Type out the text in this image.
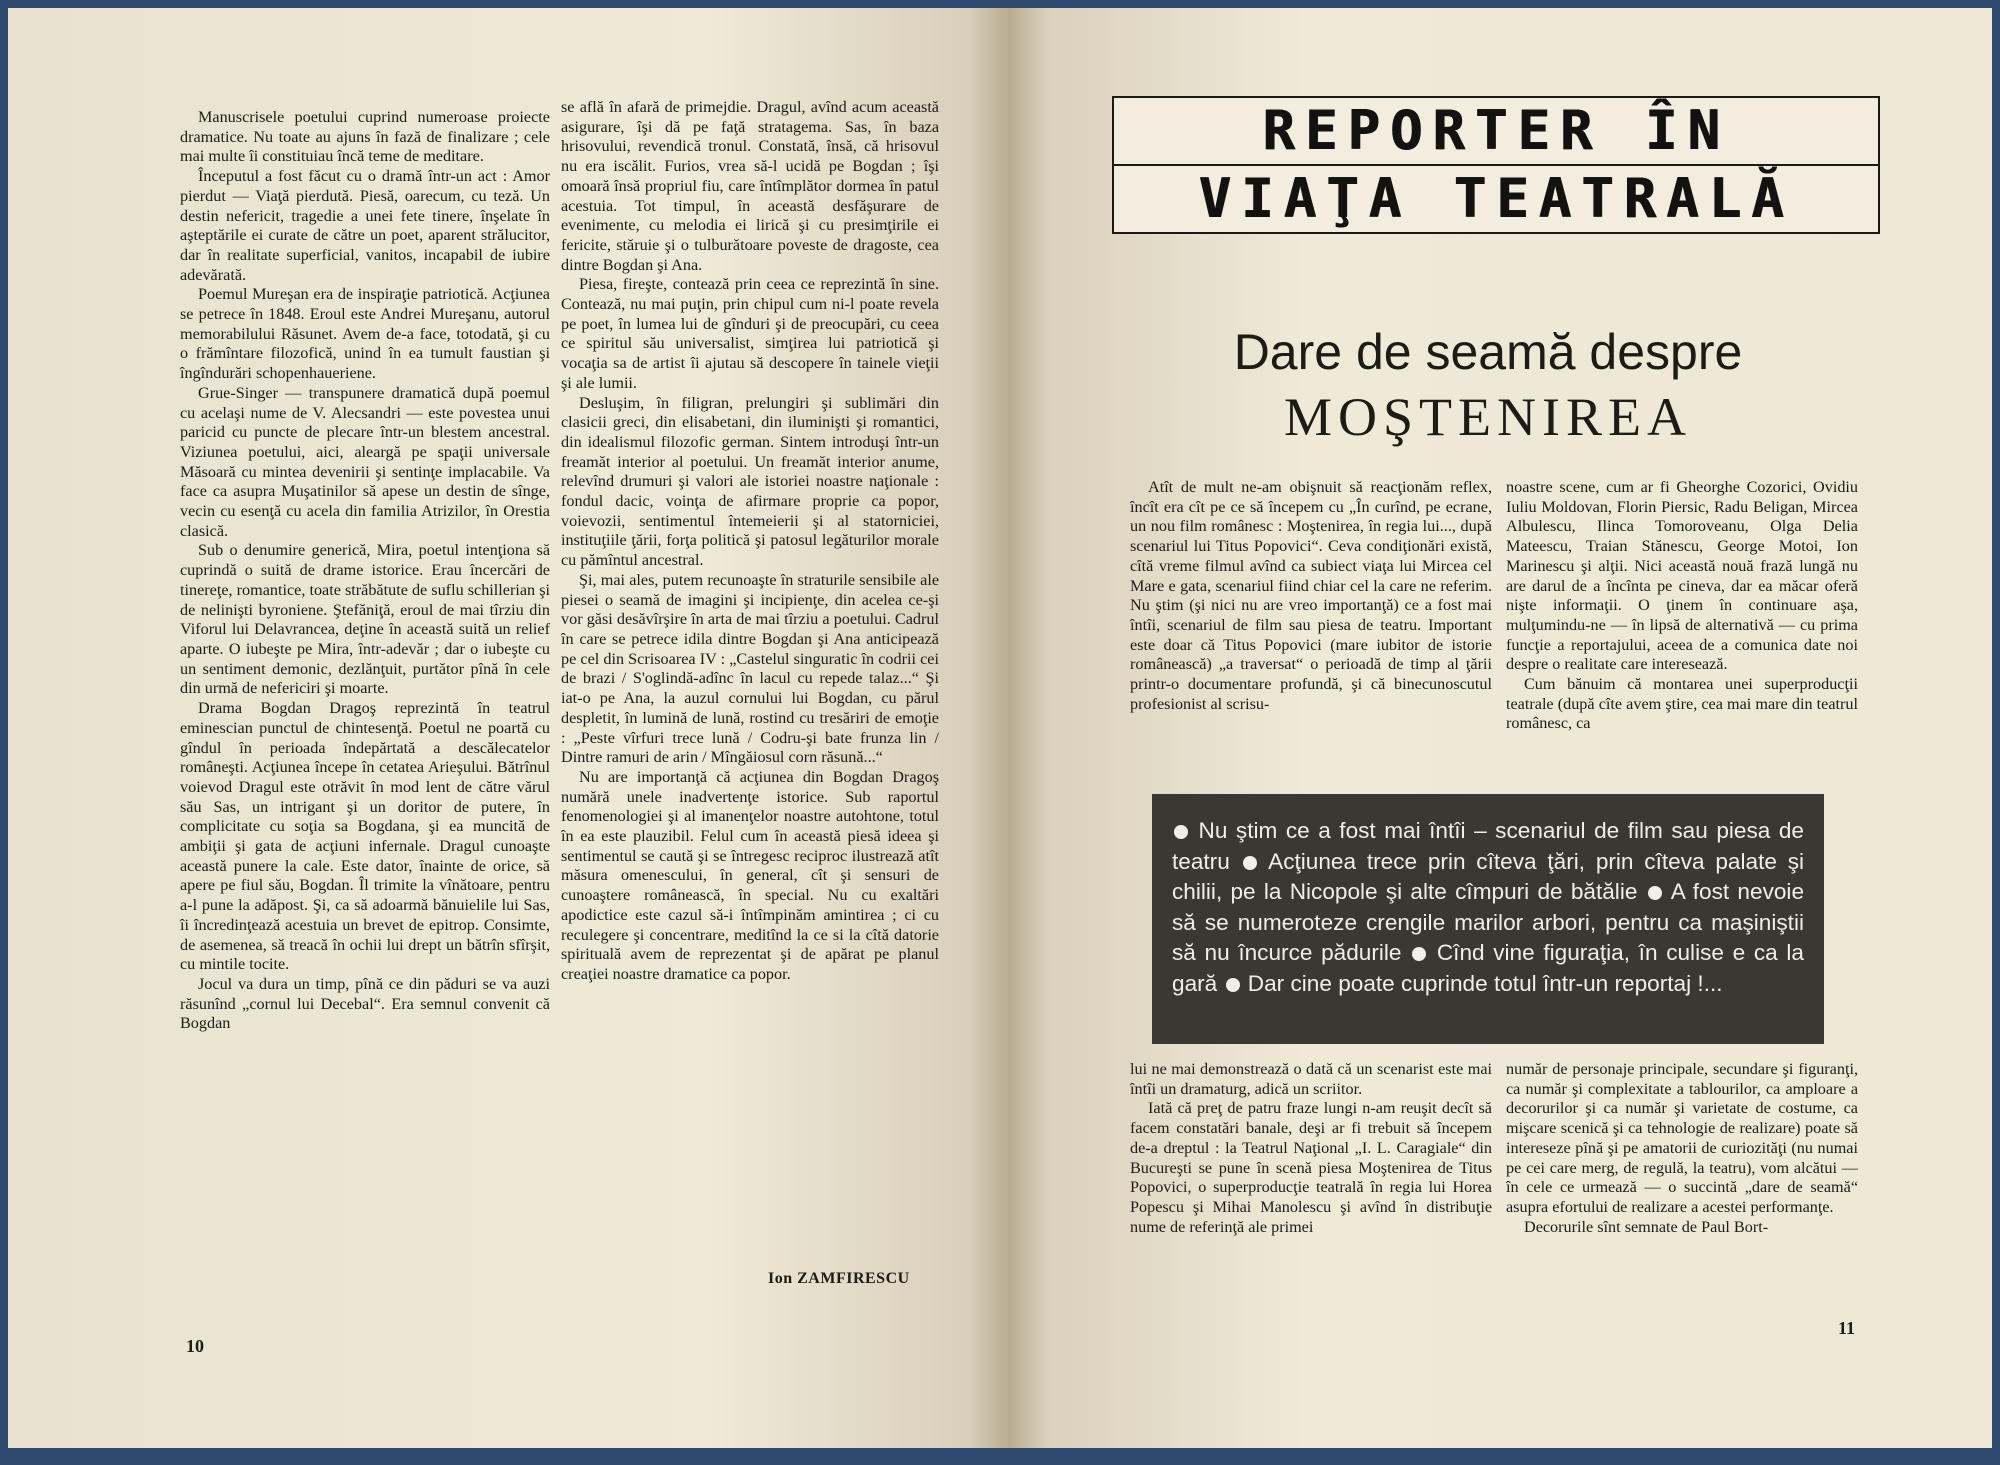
Manuscrisele poetului cuprind numeroase proiecte dramatice. Nu toate au ajuns în fază de finalizare ; cele mai multe îi constituiau încă teme de meditare.

Începutul a fost făcut cu o dramă într-un act : Amor pierdut — Viaţă pierdută. Piesă, oarecum, cu teză. Un destin nefericit, tragedie a unei fete tinere, înşelate în aşteptările ei curate de către un poet, aparent strălucitor, dar în realitate superficial, vanitos, incapabil de iubire adevărată.

Poemul Mureşan era de inspiraţie patriotică. Acţiunea se petrece în 1848. Eroul este Andrei Mureşanu, autorul memorabilului Răsunet. Avem de-a face, totodată, şi cu o frămîntare filozofică, unind în ea tumult faustian şi îngîndurări schopenhaueriene.

Grue-Singer — transpunere dramatică după poemul cu acelaşi nume de V. Alecsandri — este povestea unui paricid cu puncte de plecare într-un blestem ancestral. Viziunea poetului, aici, aleargă pe spaţii universale Măsoară cu mintea devenirii şi sentinţe implacabile. Va face ca asupra Muşatinilor să apese un destin de sînge, vecin cu esenţă cu acela din familia Atrizilor, în Orestia clasică.

Sub o denumire generică, Mira, poetul intenţiona să cuprindă o suită de drame istorice. Erau încercări de tinereţe, romantice, toate străbătute de suflu schillerian şi de nelinişti byroniene. Ştefăniţă, eroul de mai tîrziu din Viforul lui Delavrancea, deţine în această suită un relief aparte. O iubeşte pe Mira, într-adevăr ; dar o iubeşte cu un sentiment demonic, dezlănţuit, purtător pînă în cele din urmă de nefericiri şi moarte.

Drama Bogdan Dragoş reprezintă în teatrul eminescian punctul de chintesenţă. Poetul ne poartă cu gîndul în perioada îndepărtată a descălecatelor româneşti. Acţiunea începe în cetatea Arieşului. Bătrînul voievod Dragul este otrăvit în mod lent de către vărul său Sas, un intrigant şi un doritor de putere, în complicitate cu soţia sa Bogdana, şi ea muncită de ambiţii şi gata de acţiuni infernale. Dragul cunoaşte această punere la cale. Este dator, înainte de orice, să apere pe fiul său, Bogdan. Îl trimite la vînătoare, pentru a-l pune la adăpost. Şi, ca să adoarmă bănuielile lui Sas, îi încredinţează acestuia un brevet de epitrop. Consimte, de asemenea, să treacă în ochii lui drept un bătrîn sfîrşit, cu mintile tocite.

Jocul va dura un timp, pînă ce din păduri se va auzi răsunînd „cornul lui Decebal“. Era semnul convenit că Bogdan

se află în afară de primejdie. Dragul, avînd acum această asigurare, îşi dă pe faţă stratagema. Sas, în baza hrisovului, revendică tronul. Constată, însă, că hrisovul nu era iscălit. Furios, vrea să-l ucidă pe Bogdan ; îşi omoară însă propriul fiu, care întîmplător dormea în patul acestuia. Tot timpul, în această desfăşurare de evenimente, cu melodia ei lirică şi cu presimţirile ei fericite, stăruie şi o tulburătoare poveste de dragoste, cea dintre Bogdan şi Ana.

Piesa, fireşte, contează prin ceea ce reprezintă în sine. Contează, nu mai puţin, prin chipul cum ni-l poate revela pe poet, în lumea lui de gînduri şi de preocupări, cu ceea ce spiritul său universalist, simţirea lui patriotică şi vocaţia sa de artist îi ajutau să descopere în tainele vieţii şi ale lumii.

Desluşim, în filigran, prelungiri şi sublimări din clasicii greci, din elisabetani, din iluminişti şi romantici, din idealismul filozofic german. Sintem introduşi într-un freamăt interior al poetului. Un freamăt interior anume, relevînd drumuri şi valori ale istoriei noastre naţionale : fondul dacic, voinţa de afirmare proprie ca popor, voievozii, sentimentul întemeierii şi al statorniciei, instituţiile ţării, forţa politică şi patosul legăturilor morale cu pămîntul ancestral.

Şi, mai ales, putem recunoaşte în straturile sensibile ale piesei o seamă de imagini şi incipienţe, din acelea ce-şi vor găsi desăvîrşire în arta de mai tîrziu a poetului. Cadrul în care se petrece idila dintre Bogdan şi Ana anticipează pe cel din Scrisoarea IV : „Castelul singuratic în codrii cei de brazi / S'oglindă-adînc în lacul cu repede talaz...“ Şi iat-o pe Ana, la auzul cornului lui Bogdan, cu părul despletit, în lumină de lună, rostind cu tresăriri de emoţie : „Peste vîrfuri trece lună / Codru-şi bate frunza lin / Dintre ramuri de arin / Mîngăiosul corn răsună...“

Nu are importanţă că acţiunea din Bogdan Dragoş numără unele inadvertenţe istorice. Sub raportul fenomenologiei şi al imanenţelor noastre autohtone, totul în ea este plauzibil. Felul cum în această piesă ideea şi sentimentul se caută şi se întregesc reciproc ilustrează atît măsura omenescului, în general, cît şi sensuri de cunoaştere românească, în special. Nu cu exaltări apodictice este cazul să-i întîmpinăm amintirea ; ci cu reculegere şi concentrare, meditînd la ce si la cîtă datorie spirituală avem de reprezentat şi de apărat pe planul creaţiei noastre dramatice ca popor.

Ion ZAMFIRESCU
10
REPORTER ÎN
VIAŢA TEATRALĂ
Dare de seamă despre
MOŞTENIREA

Atît de mult ne-am obişnuit să reacţionăm reflex, încît era cît pe ce să începem cu „În curînd, pe ecrane, un nou film românesc : Moştenirea, în regia lui..., după scenariul lui Titus Popovici“. Ceva condiţionări există, cîtă vreme filmul avînd ca subiect viaţa lui Mircea cel Mare e gata, scenariul fiind chiar cel la care ne referim. Nu ştim (şi nici nu are vreo importanţă) ce a fost mai întîi, scenariul de film sau piesa de teatru. Important este doar că Titus Popovici (mare iubitor de istorie românească) „a traversat“ o perioadă de timp al ţării printr-o documentare profundă, şi că binecunoscutul profesionist al scrisu-

noastre scene, cum ar fi Gheorghe Cozorici, Ovidiu Iuliu Moldovan, Florin Piersic, Radu Beligan, Mircea Albulescu, Ilinca Tomoroveanu, Olga Delia Mateescu, Traian Stănescu, George Motoi, Ion Marinescu şi alţii. Nici această nouă frază lungă nu are darul de a încînta pe cineva, dar ea măcar oferă nişte informaţii. O ţinem în continuare aşa, mulţumindu-ne — în lipsă de alternativă — cu prima funcţie a reportajului, aceea de a comunica date noi despre o realitate care interesează.

Cum bănuim că montarea unei superproducţii teatrale (după cîte avem ştire, cea mai mare din teatrul românesc, ca

Nu ştim ce a fost mai întîi – scenariul de film sau piesa de teatru Acţiunea trece prin cîteva ţări, prin cîteva palate şi chilii, pe la Nicopole şi alte cîmpuri de bătălie A fost nevoie să se numeroteze crengile marilor arbori, pentru ca maşiniştii să nu încurce pădurile Cînd vine figuraţia, în culise e ca la gară Dar cine poate cuprinde totul într-un reportaj !...

lui ne mai demonstrează o dată că un scenarist este mai întîi un dramaturg, adică un scriitor.

Iată că preţ de patru fraze lungi n-am reuşit decît să facem constatări banale, deşi ar fi trebuit să începem de-a dreptul : la Teatrul Naţional „I. L. Caragiale“ din Bucureşti se pune în scenă piesa Moştenirea de Titus Popovici, o superproducţie teatrală în regia lui Horea Popescu şi Mihai Manolescu şi avînd în distribuţie nume de referinţă ale primei

număr de personaje principale, secundare şi figuranţi, ca număr şi complexitate a tablourilor, ca amploare a decorurilor şi ca număr şi varietate de costume, ca mişcare scenică şi ca tehnologie de realizare) poate să intereseze pînă şi pe amatorii de curiozităţi (nu numai pe cei care merg, de regulă, la teatru), vom alcătui — în cele ce urmează — o succintă „dare de seamă“ asupra efortului de realizare a acestei performanţe.

Decorurile sînt semnate de Paul Bort-

11
